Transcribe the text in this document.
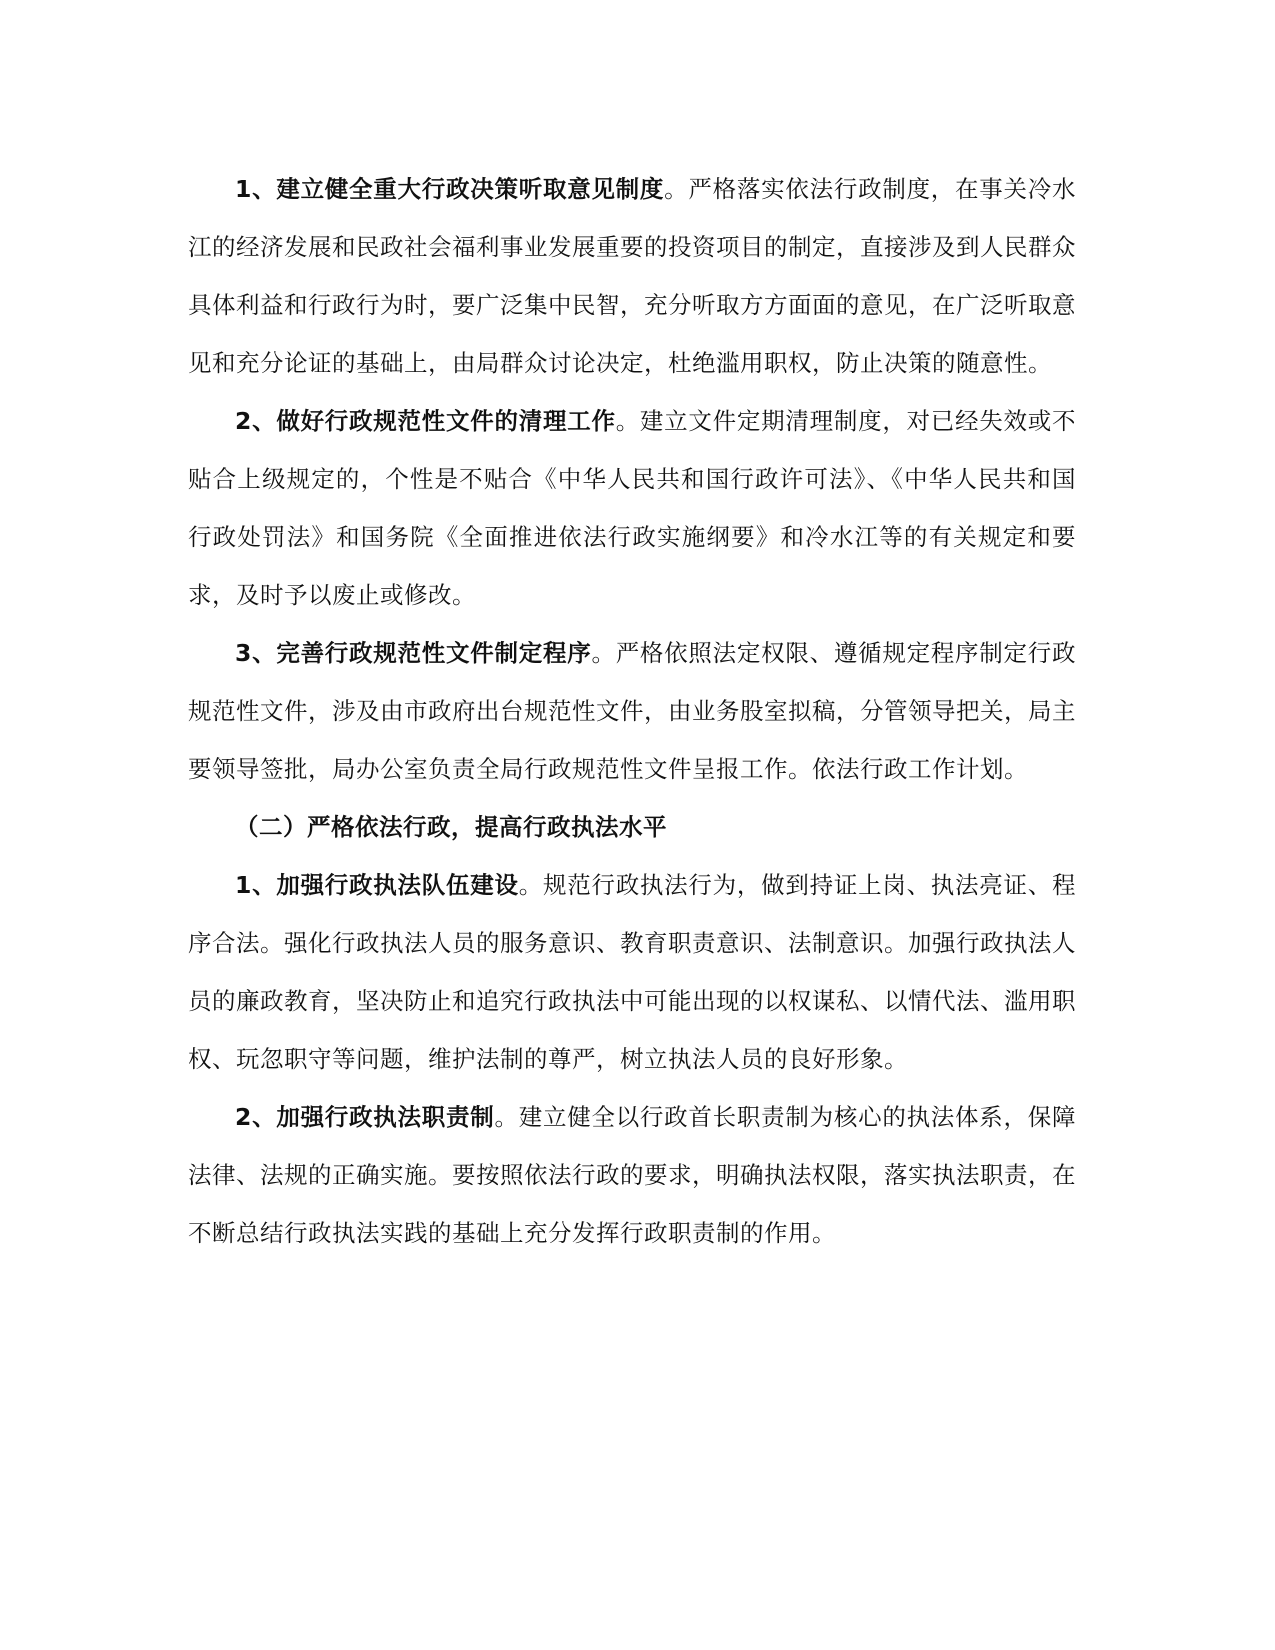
1、建立健全重大行政决策听取意见制度。严格落实依法行政制度，在事关冷水江的经济发展和民政社会福利事业发展重要的投资项目的制定，直接涉及到人民群众具体利益和行政行为时，要广泛集中民智，充分听取方方面面的意见，在广泛听取意见和充分论证的基础上，由局群众讨论决定，杜绝滥用职权，防止决策的随意性。

2、做好行政规范性文件的清理工作。建立文件定期清理制度，对已经失效或不贴合上级规定的，个性是不贴合《中华人民共和国行政许可法》、《中华人民共和国行政处罚法》和国务院《全面推进依法行政实施纲要》和冷水江等的有关规定和要求，及时予以废止或修改。

3、完善行政规范性文件制定程序。严格依照法定权限、遵循规定程序制定行政规范性文件，涉及由市政府出台规范性文件，由业务股室拟稿，分管领导把关，局主要领导签批，局办公室负责全局行政规范性文件呈报工作。依法行政工作计划。

（二）严格依法行政，提高行政执法水平

1、加强行政执法队伍建设。规范行政执法行为，做到持证上岗、执法亮证、程序合法。强化行政执法人员的服务意识、教育职责意识、法制意识。加强行政执法人员的廉政教育，坚决防止和追究行政执法中可能出现的以权谋私、以情代法、滥用职权、玩忽职守等问题，维护法制的尊严，树立执法人员的良好形象。

2、加强行政执法职责制。建立健全以行政首长职责制为核心的执法体系，保障法律、法规的正确实施。要按照依法行政的要求，明确执法权限，落实执法职责，在不断总结行政执法实践的基础上充分发挥行政职责制的作用。
